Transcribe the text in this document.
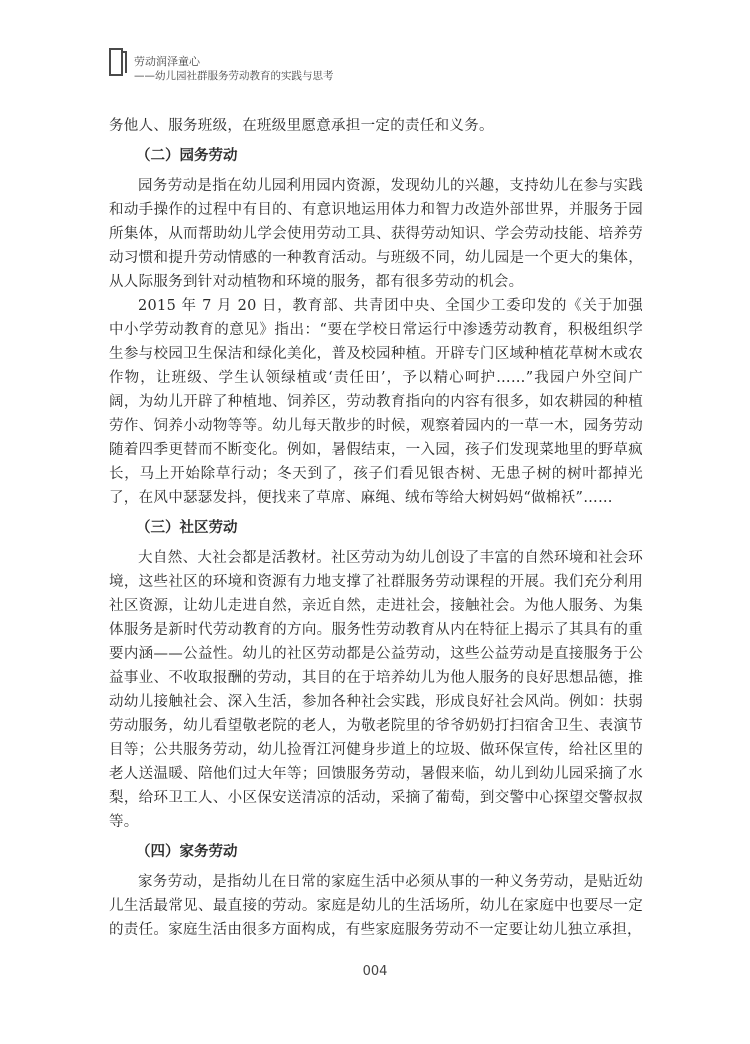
劳动润泽童心
——幼儿园社群服务劳动教育的实践与思考

务他人、服务班级，在班级里愿意承担一定的责任和义务。

（二）园务劳动

园务劳动是指在幼儿园利用园内资源，发现幼儿的兴趣，支持幼儿在参与实践和动手操作的过程中有目的、有意识地运用体力和智力改造外部世界，并服务于园所集体，从而帮助幼儿学会使用劳动工具、获得劳动知识、学会劳动技能、培养劳动习惯和提升劳动情感的一种教育活动。与班级不同，幼儿园是一个更大的集体，从人际服务到针对动植物和环境的服务，都有很多劳动的机会。

2015 年 7 月 20 日，教育部、共青团中央、全国少工委印发的《关于加强中小学劳动教育的意见》指出：“要在学校日常运行中渗透劳动教育，积极组织学生参与校园卫生保洁和绿化美化，普及校园种植。开辟专门区域种植花草树木或农作物，让班级、学生认领绿植或‘责任田’，予以精心呵护……”我园户外空间广阔，为幼儿开辟了种植地、饲养区，劳动教育指向的内容有很多，如农耕园的种植劳作、饲养小动物等等。幼儿每天散步的时候，观察着园内的一草一木，园务劳动随着四季更替而不断变化。例如，暑假结束，一入园，孩子们发现菜地里的野草疯长，马上开始除草行动；冬天到了，孩子们看见银杏树、无患子树的树叶都掉光了，在风中瑟瑟发抖，便找来了草席、麻绳、绒布等给大树妈妈“做棉袄”……

（三）社区劳动

大自然、大社会都是活教材。社区劳动为幼儿创设了丰富的自然环境和社会环境，这些社区的环境和资源有力地支撑了社群服务劳动课程的开展。我们充分利用社区资源，让幼儿走进自然，亲近自然，走进社会，接触社会。为他人服务、为集体服务是新时代劳动教育的方向。服务性劳动教育从内在特征上揭示了其具有的重要内涵——公益性。幼儿的社区劳动都是公益劳动，这些公益劳动是直接服务于公益事业、不收取报酬的劳动，其目的在于培养幼儿为他人服务的良好思想品德，推动幼儿接触社会、深入生活，参加各种社会实践，形成良好社会风尚。例如：扶弱劳动服务，幼儿看望敬老院的老人，为敬老院里的爷爷奶奶打扫宿舍卫生、表演节目等；公共服务劳动，幼儿捡胥江河健身步道上的垃圾、做环保宣传，给社区里的老人送温暖、陪他们过大年等；回馈服务劳动，暑假来临，幼儿到幼儿园采摘了水梨，给环卫工人、小区保安送清凉的活动，采摘了葡萄，到交警中心探望交警叔叔等。

（四）家务劳动

家务劳动，是指幼儿在日常的家庭生活中必须从事的一种义务劳动，是贴近幼儿生活最常见、最直接的劳动。家庭是幼儿的生活场所，幼儿在家庭中也要尽一定的责任。家庭生活由很多方面构成，有些家庭服务劳动不一定要让幼儿独立承担，

004
